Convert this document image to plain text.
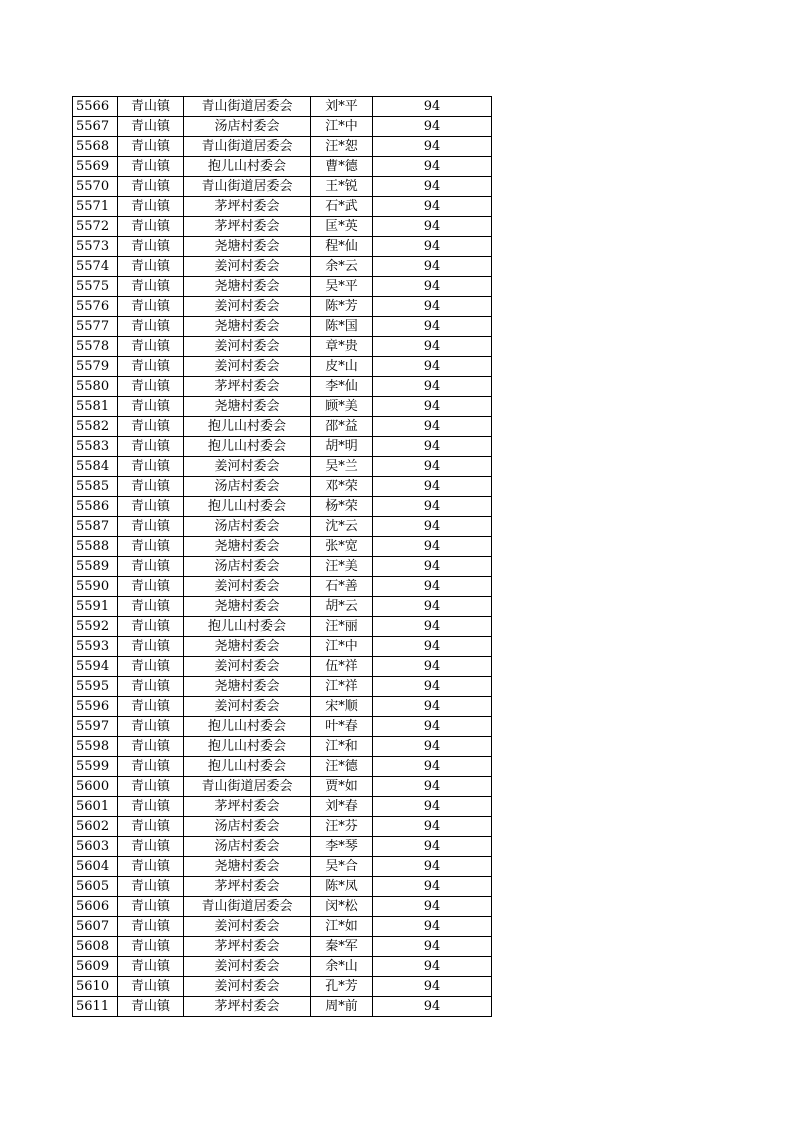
5566	青山镇	青山街道居委会	刘*平	94
5567	青山镇	汤店村委会	江*中	94
5568	青山镇	青山街道居委会	汪*恕	94
5569	青山镇	抱儿山村委会	曹*德	94
5570	青山镇	青山街道居委会	王*锐	94
5571	青山镇	茅坪村委会	石*武	94
5572	青山镇	茅坪村委会	匡*英	94
5573	青山镇	尧塘村委会	程*仙	94
5574	青山镇	姜河村委会	余*云	94
5575	青山镇	尧塘村委会	吴*平	94
5576	青山镇	姜河村委会	陈*芳	94
5577	青山镇	尧塘村委会	陈*国	94
5578	青山镇	姜河村委会	章*贵	94
5579	青山镇	姜河村委会	皮*山	94
5580	青山镇	茅坪村委会	李*仙	94
5581	青山镇	尧塘村委会	顾*美	94
5582	青山镇	抱儿山村委会	邵*益	94
5583	青山镇	抱儿山村委会	胡*明	94
5584	青山镇	姜河村委会	吴*兰	94
5585	青山镇	汤店村委会	邓*荣	94
5586	青山镇	抱儿山村委会	杨*荣	94
5587	青山镇	汤店村委会	沈*云	94
5588	青山镇	尧塘村委会	张*宽	94
5589	青山镇	汤店村委会	汪*美	94
5590	青山镇	姜河村委会	石*善	94
5591	青山镇	尧塘村委会	胡*云	94
5592	青山镇	抱儿山村委会	汪*丽	94
5593	青山镇	尧塘村委会	江*中	94
5594	青山镇	姜河村委会	伍*祥	94
5595	青山镇	尧塘村委会	江*祥	94
5596	青山镇	姜河村委会	宋*顺	94
5597	青山镇	抱儿山村委会	叶*春	94
5598	青山镇	抱儿山村委会	江*和	94
5599	青山镇	抱儿山村委会	汪*德	94
5600	青山镇	青山街道居委会	贾*如	94
5601	青山镇	茅坪村委会	刘*春	94
5602	青山镇	汤店村委会	汪*芬	94
5603	青山镇	汤店村委会	李*琴	94
5604	青山镇	尧塘村委会	吴*合	94
5605	青山镇	茅坪村委会	陈*凤	94
5606	青山镇	青山街道居委会	闵*松	94
5607	青山镇	姜河村委会	江*如	94
5608	青山镇	茅坪村委会	秦*军	94
5609	青山镇	姜河村委会	余*山	94
5610	青山镇	姜河村委会	孔*芳	94
5611	青山镇	茅坪村委会	周*前	94
